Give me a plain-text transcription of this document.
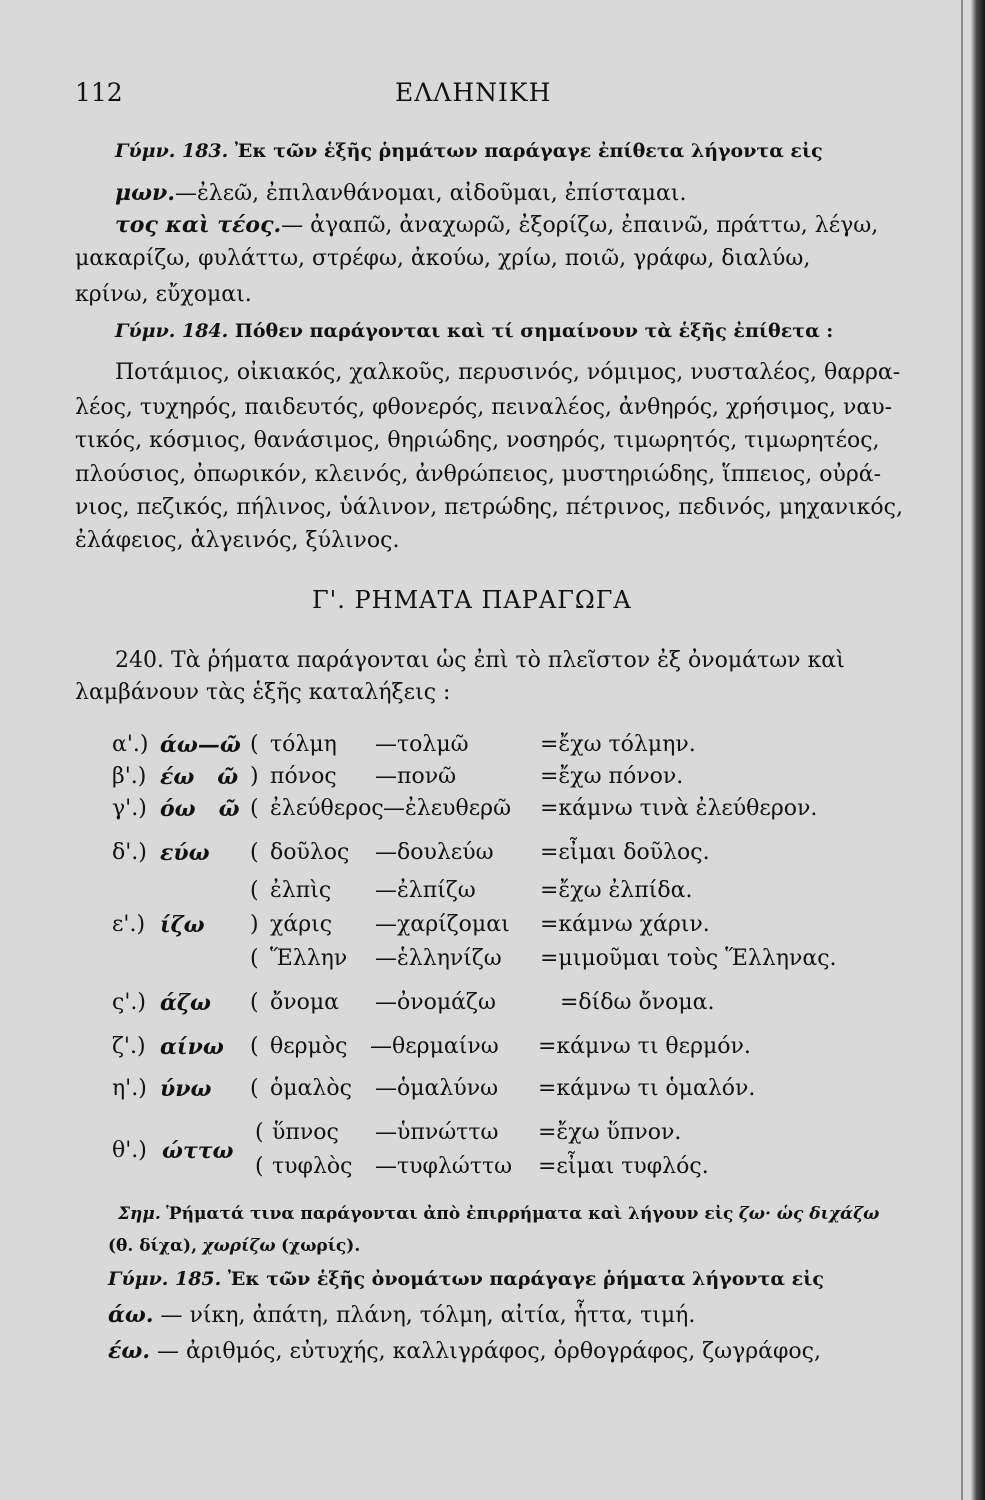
112	ΕΛΛΗΝΙΚΗ
Γύμν. 183. Ἐκ τῶν ἑξῆς ῥημάτων παράγαγε ἐπίθετα λήγοντα εἰς
μων.—ἐλεῶ, ἐπιλανθάνομαι, αἰδοῦμαι, ἐπίσταμαι.
τος καὶ τέος.— ἀγαπῶ, ἀναχωρῶ, ἐξορίζω, ἐπαινῶ, πράττω, λέγω,
μακαρίζω, φυλάττω, στρέφω, ἀκούω, χρίω, ποιῶ, γράφω, διαλύω,
κρίνω, εὔχομαι.
Γύμν. 184. Πόθεν παράγονται καὶ τί σημαίνουν τὰ ἑξῆς ἐπίθετα :
Ποτάμιος, οἰκιακός, χαλκοῦς, περυσινός, νόμιμος, νυσταλέος, θαρρα-
λέος, τυχηρός, παιδευτός, φθονερός, πειναλέος, ἀνθηρός, χρήσιμος, ναυ-
τικός, κόσμιος, θανάσιμος, θηριώδης, νοσηρός, τιμωρητός, τιμωρητέος,
πλούσιος, ὀπωρικόν, κλεινός, ἀνθρώπειος, μυστηριώδης, ἵππειος, οὐρά-
νιος, πεζικός, πήλινος, ὑάλινον, πετρώδης, πέτρινος, πεδινός, μηχανικός,
ἐλάφειος, ἀλγεινός, ξύλινος.
Γ'. ΡΗΜΑΤΑ ΠΑΡΑΓΩΓΑ
240. Τὰ ῥήματα παράγονται ὡς ἐπὶ τὸ πλεῖστον ἐξ ὀνομάτων καὶ
λαμβάνουν τὰς ἑξῆς καταλήξεις :
α'.) άω—ῶ ( τόλμη —τολμῶ	=ἔχω τόλμην.
β'.) έω   ῶ ) πόνος —πονῶ	=ἔχω πόνον.
γ'.) όω   ῶ ( ἐλεύθερος —ἐλευθερῶ =κάμνω τινὰ ἐλεύθερον.
δ'.) εύω ( δοῦλος —δουλεύω =εἶμαι δοῦλος.
( ἐλπὶς —ἐλπίζω	=ἔχω ἐλπίδα.
ε'.) ίζω ) χάρις —χαρίζομαι =κάμνω χάριν.
( Ἕλλην —ἑλληνίζω =μιμοῦμαι τοὺς Ἕλληνας.
ς'.) άζω ( ὄνομα —ὀνομάζω	=δίδω ὄνομα.
ζ'.) αίνω ( θερμὸς —θερμαίνω =κάμνω τι θερμόν.
η'.) ύνω ( ὁμαλὸς —ὁμαλύνω =κάμνω τι ὁμαλόν.
θ'.) ώττω
( ὕπνος —ὑπνώττω =ἔχω ὕπνον.
( τυφλὸς —τυφλώττω =εἶμαι τυφλός.
Σημ. Ῥήματά τινα παράγονται ἀπὸ ἐπιρρήματα καὶ λήγουν εἰς ζω· ὡς διχάζω
(θ. δίχα), χωρίζω (χωρίς).
Γύμν. 185. Ἐκ τῶν ἑξῆς ὀνομάτων παράγαγε ῥήματα λήγοντα εἰς
άω. — νίκη, ἀπάτη, πλάνη, τόλμη, αἰτία, ἧττα, τιμή.
έω. — ἀριθμός, εὐτυχής, καλλιγράφος, ὀρθογράφος, ζωγράφος,
